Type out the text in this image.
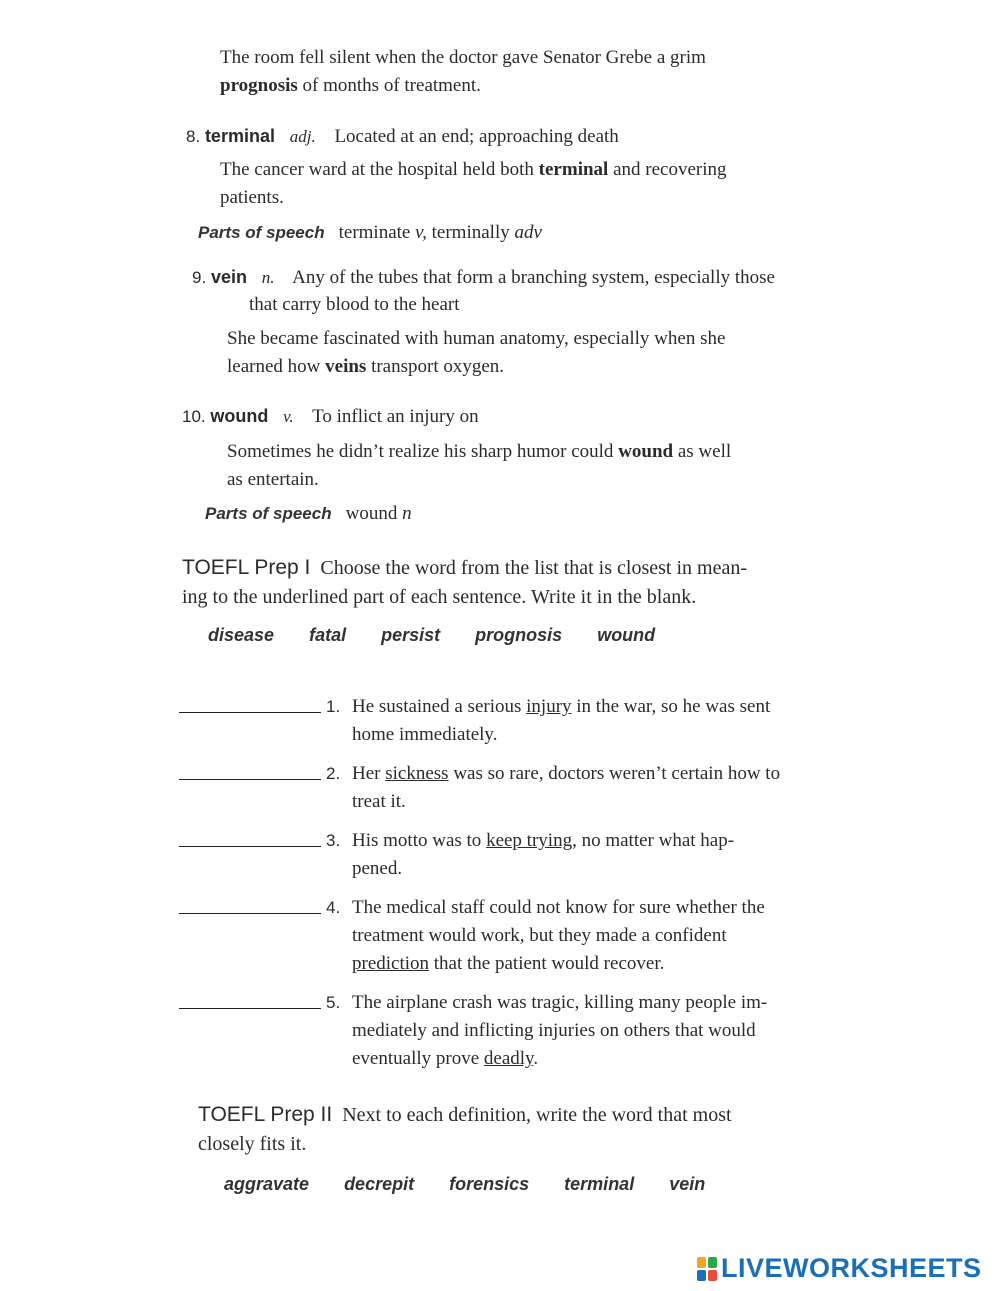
The room fell silent when the doctor gave Senator Grebe a grim
prognosis of months of treatment.
8. terminal adj. Located at an end; approaching death
The cancer ward at the hospital held both terminal and recovering
patients.
Parts of speech terminate v, terminally adv
9. vein n. Any of the tubes that form a branching system, especially those
that carry blood to the heart
She became fascinated with human anatomy, especially when she
learned how veins transport oxygen.
10. wound v. To inflict an injury on
Sometimes he didn’t realize his sharp humor could wound as well
as entertain.
Parts of speech wound n
TOEFL Prep I Choose the word from the list that is closest in mean-
ing to the underlined part of each sentence. Write it in the blank.
disease fatal persist prognosis wound
1. He sustained a serious injury in the war, so he was sent
home immediately.
2. Her sickness was so rare, doctors weren’t certain how to
treat it.
3. His motto was to keep trying, no matter what hap-
pened.
4. The medical staff could not know for sure whether the
treatment would work, but they made a confident
prediction that the patient would recover.
5. The airplane crash was tragic, killing many people im-
mediately and inflicting injuries on others that would
eventually prove deadly.
TOEFL Prep II Next to each definition, write the word that most
closely fits it.
aggravate decrepit forensics terminal vein
LIVEWORKSHEETS
